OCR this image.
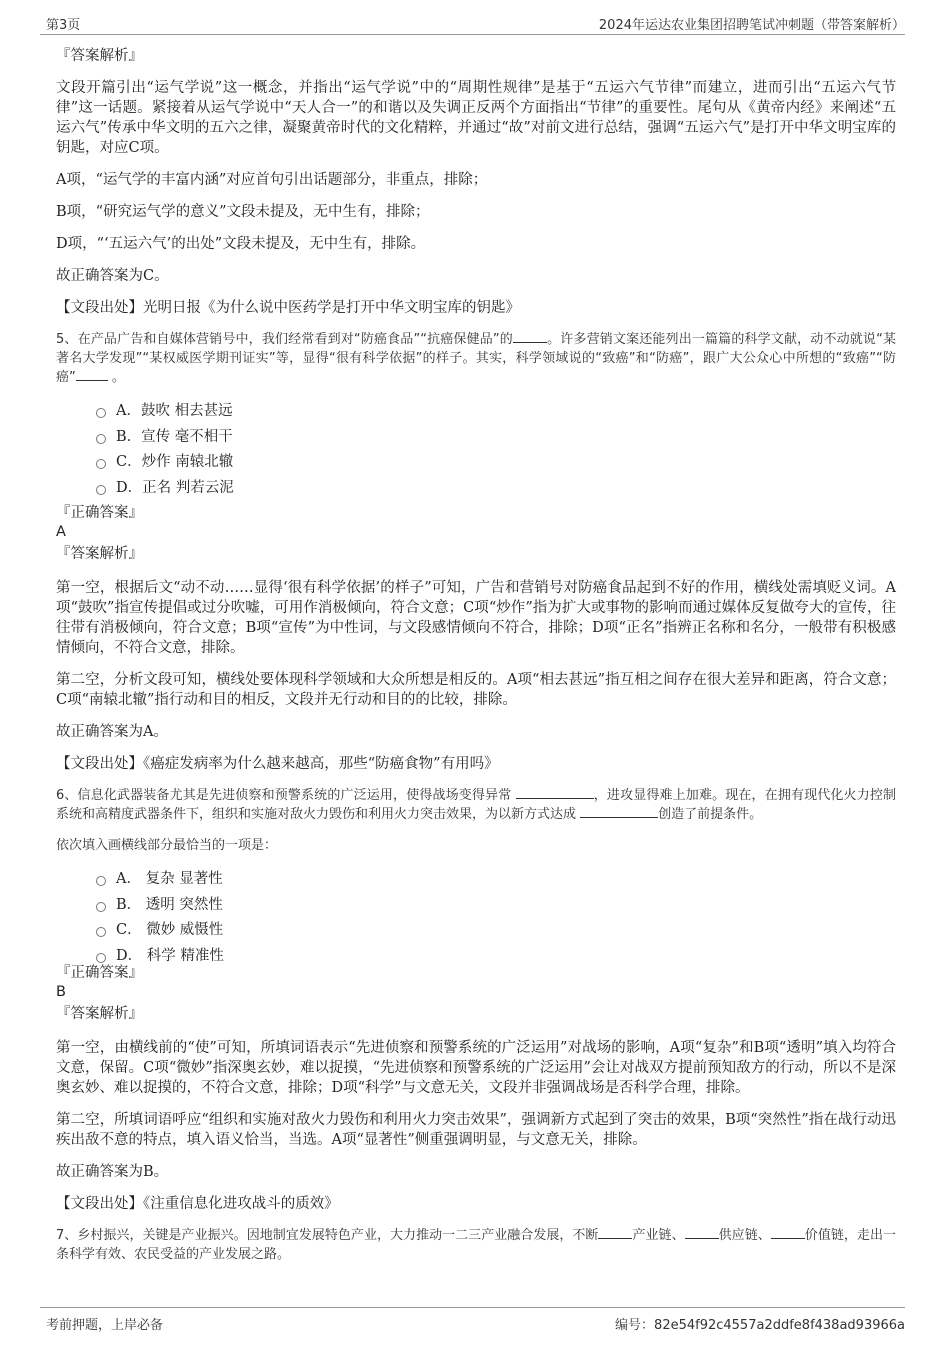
第3页	2024年运达农业集团招聘笔试冲刺题（带答案解析）

『答案解析』

文段开篇引出“运气学说”这一概念，并指出“运气学说”中的“周期性规律”是基于“五运六气节律”而建立，进而引出“五运六气节律”这一话题。紧接着从运气学说中“天人合一”的和谐以及失调正反两个方面指出“节律”的重要性。尾句从《黄帝内经》来阐述“五运六气”传承中华文明的五六之律，凝聚黄帝时代的文化精粹，并通过“故”对前文进行总结，强调“五运六气”是打开中华文明宝库的钥匙，对应C项。

A项，“运气学的丰富内涵”对应首句引出话题部分，非重点，排除；

B项，“研究运气学的意义”文段未提及，无中生有，排除；

D项，“‘五运六气’的出处”文段未提及，无中生有，排除。

故正确答案为C。

【文段出处】光明日报《为什么说中医药学是打开中华文明宝库的钥匙》

5、在产品广告和自媒体营销号中，我们经常看到对“防癌食品”“抗癌保健品”的	。许多营销文案还能列出一篇篇的科学文献，动不动就说“某著名大学发现”“某权威医学期刊证实”等，显得“很有科学依据”的样子。其实，科学领域说的“致癌”和“防癌”，跟广大公众心中所想的“致癌”“防癌” 。

A．鼓吹 相去甚远
B．宣传 毫不相干
C．炒作 南辕北辙
D．正名 判若云泥

『正确答案』

A

『答案解析』

第一空，根据后文“动不动……显得‘很有科学依据’的样子”可知，广告和营销号对防癌食品起到不好的作用，横线处需填贬义词。A项“鼓吹”指宣传提倡或过分吹嘘，可用作消极倾向，符合文意；C项“炒作”指为扩大或事物的影响而通过媒体反复做夸大的宣传，往往带有消极倾向，符合文意；B项“宣传”为中性词，与文段感情倾向不符合，排除；D项“正名”指辨正名称和名分，一般带有积极感情倾向，不符合文意，排除。

第二空，分析文段可知，横线处要体现科学领域和大众所想是相反的。A项“相去甚远”指互相之间存在很大差异和距离，符合文意；C项“南辕北辙”指行动和目的相反，文段并无行动和目的的比较，排除。

故正确答案为A。

【文段出处】《癌症发病率为什么越来越高，那些“防癌食物”有用吗》

6、信息化武器装备尤其是先进侦察和预警系统的广泛运用，使得战场变得异常	，进攻显得难上加难。现在，在拥有现代化火力控制系统和高精度武器条件下，组织和实施对敌火力毁伤和利用火力突击效果，为以新方式达成	创造了前提条件。

依次填入画横线部分最恰当的一项是：

A． 复杂 显著性
B． 透明 突然性
C． 微妙 威慑性
D． 科学 精准性

『正确答案』

B

『答案解析』

第一空，由横线前的“使”可知，所填词语表示“先进侦察和预警系统的广泛运用”对战场的影响，A项“复杂”和B项“透明”填入均符合文意，保留。C项“微妙”指深奥玄妙，难以捉摸，“先进侦察和预警系统的广泛运用”会让对战双方提前预知敌方的行动，所以不是深奥玄妙、难以捉摸的，不符合文意，排除；D项“科学”与文意无关，文段并非强调战场是否科学合理，排除。

第二空，所填词语呼应“组织和实施对敌火力毁伤和利用火力突击效果”，强调新方式起到了突击的效果，B项“突然性”指在战行动迅疾出敌不意的特点，填入语义恰当，当选。A项“显著性”侧重强调明显，与文意无关，排除。

故正确答案为B。

【文段出处】《注重信息化进攻战斗的质效》

7、乡村振兴，关键是产业振兴。因地制宜发展特色产业，大力推动一二三产业融合发展，不断	产业链、	供应链、	价值链，走出一条科学有效、农民受益的产业发展之路。

考前押题，上岸必备	编号：82e54f92c4557a2ddfe8f438ad93966a
